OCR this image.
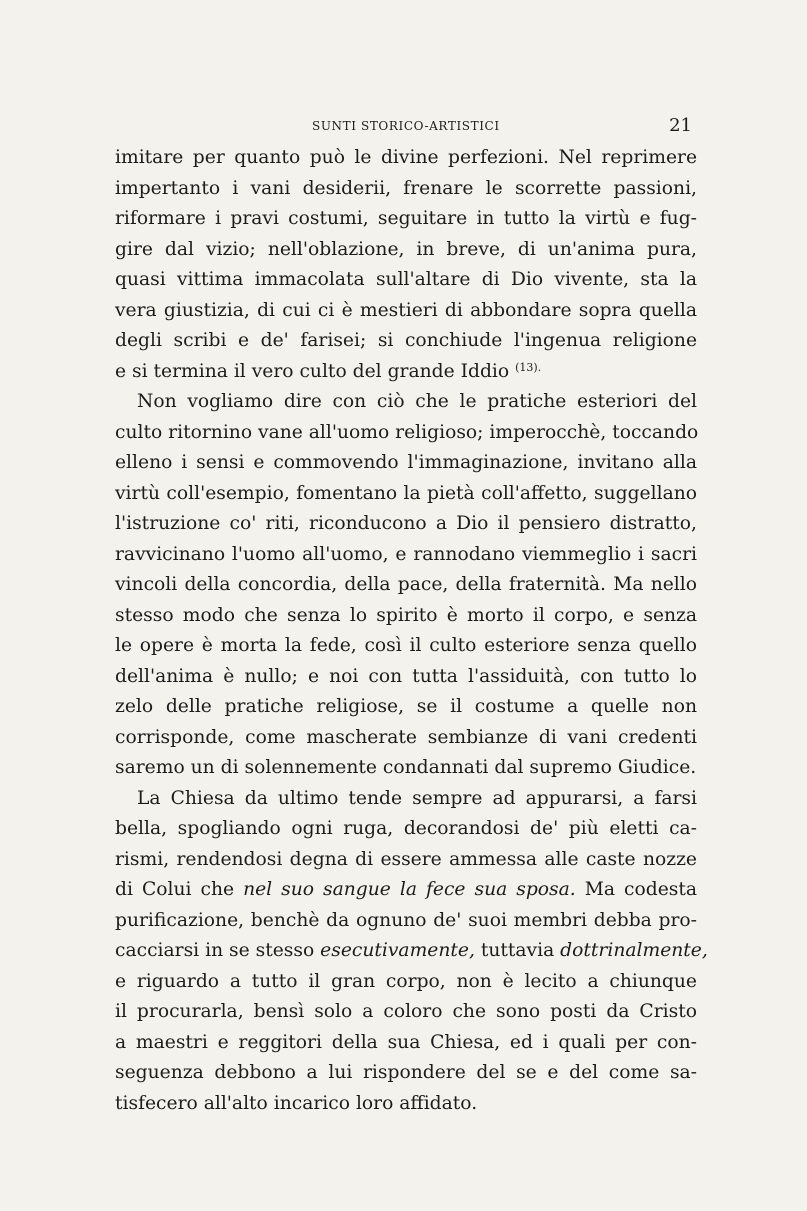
SUNTI STORICO-ARTISTICI	21
imitare per quanto può le divine perfezioni. Nel reprimere
impertanto i vani desiderii, frenare le scorrette passioni,
riformare i pravi costumi, seguitare in tutto la virtù e fug-
gire dal vizio; nell'oblazione, in breve, di un'anima pura,
quasi vittima immacolata sull'altare di Dio vivente, sta la
vera giustizia, di cui ci è mestieri di abbondare sopra quella
degli scribi e de' farisei; si conchiude l'ingenua religione
e si termina il vero culto del grande Iddio $^{(13).}$
Non vogliamo dire con ciò che le pratiche esteriori del
culto ritornino vane all'uomo religioso; imperocchè, toccando
elleno i sensi e commovendo l'immaginazione, invitano alla
virtù coll'esempio, fomentano la pietà coll'affetto, suggellano
l'istruzione co' riti, riconducono a Dio il pensiero distratto,
ravvicinano l'uomo all'uomo, e rannodano viemmeglio i sacri
vincoli della concordia, della pace, della fraternità. Ma nello
stesso modo che senza lo spirito è morto il corpo, e senza
le opere è morta la fede, così il culto esteriore senza quello
dell'anima è nullo; e noi con tutta l'assiduità, con tutto lo
zelo delle pratiche religiose, se il costume a quelle non
corrisponde, come mascherate sembianze di vani credenti
saremo un di solennemente condannati dal supremo Giudice.
La Chiesa da ultimo tende sempre ad appurarsi, a farsi
bella, spogliando ogni ruga, decorandosi de' più eletti ca-
rismi, rendendosi degna di essere ammessa alle caste nozze
di Colui che nel suo sangue la fece sua sposa. Ma codesta
purificazione, benchè da ognuno de' suoi membri debba pro-
cacciarsi in se stesso esecutivamente, tuttavia dottrinalmente,
e riguardo a tutto il gran corpo, non è lecito a chiunque
il procurarla, bensì solo a coloro che sono posti da Cristo
a maestri e reggitori della sua Chiesa, ed i quali per con-
seguenza debbono a lui rispondere del se e del come sa-
tisfecero all'alto incarico loro affidato.
